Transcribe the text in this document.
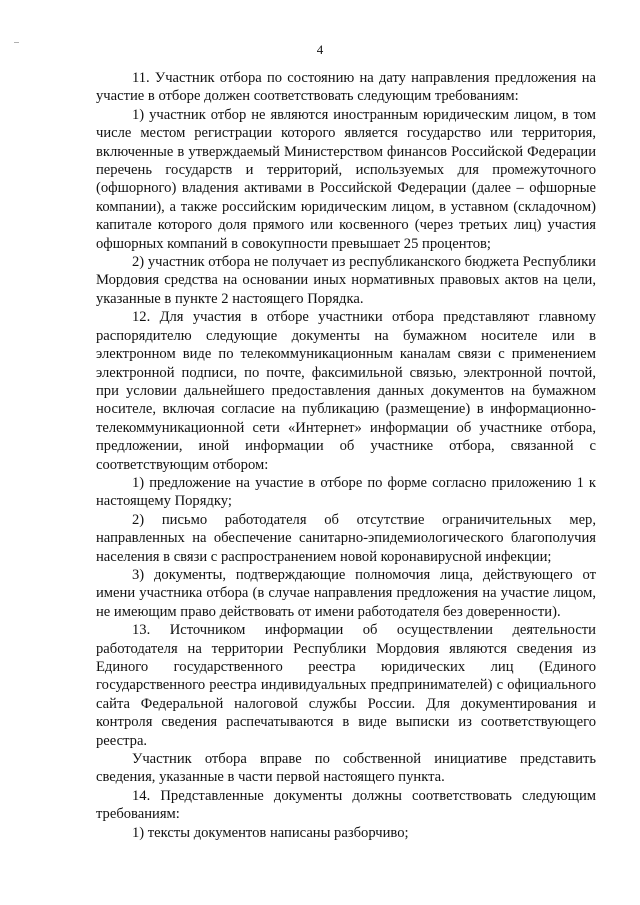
4

11. Участник отбора по состоянию на дату направления предложения на участие в отборе должен соответствовать следующим требованиям:

1) участник отбор не являются иностранным юридическим лицом, в том числе местом регистрации которого является государство или территория, включенные в утверждаемый Министерством финансов Российской Федерации перечень государств и территорий, используемых для промежуточного (офшорного) владения активами в Российской Федерации (далее – офшорные компании), а также российским юридическим лицом, в уставном (складочном) капитале которого доля прямого или косвенного (через третьих лиц) участия офшорных компаний в совокупности превышает 25 процентов;

2) участник отбора не получает из республиканского бюджета Республики Мордовия средства на основании иных нормативных правовых актов на цели, указанные в пункте 2 настоящего Порядка.

12. Для участия в отборе участники отбора представляют главному распорядителю следующие документы на бумажном носителе или в электронном виде по телекоммуникационным каналам связи с применением электронной подписи, по почте, факсимильной связью, электронной почтой, при условии дальнейшего предоставления данных документов на бумажном носителе, включая согласие на публикацию (размещение) в информационно-телекоммуникационной сети «Интернет» информации об участнике отбора, предложении, иной информации об участнике отбора, связанной с соответствующим отбором:

1) предложение на участие в отборе по форме согласно приложению 1 к настоящему Порядку;

2) письмо работодателя об отсутствие ограничительных мер, направленных на обеспечение санитарно-эпидемиологического благополучия населения в связи с распространением новой коронавирусной инфекции;

3) документы, подтверждающие полномочия лица, действующего от имени участника отбора (в случае направления предложения на участие лицом, не имеющим право действовать от имени работодателя без доверенности).

13. Источником информации об осуществлении деятельности работодателя на территории Республики Мордовия являются сведения из Единого государственного реестра юридических лиц (Единого государственного реестра индивидуальных предпринимателей) с официального сайта Федеральной налоговой службы России. Для документирования и контроля сведения распечатываются в виде выписки из соответствующего реестра.

Участник отбора вправе по собственной инициативе представить сведения, указанные в части первой настоящего пункта.

14. Представленные документы должны соответствовать следующим требованиям:

1) тексты документов написаны разборчиво;
